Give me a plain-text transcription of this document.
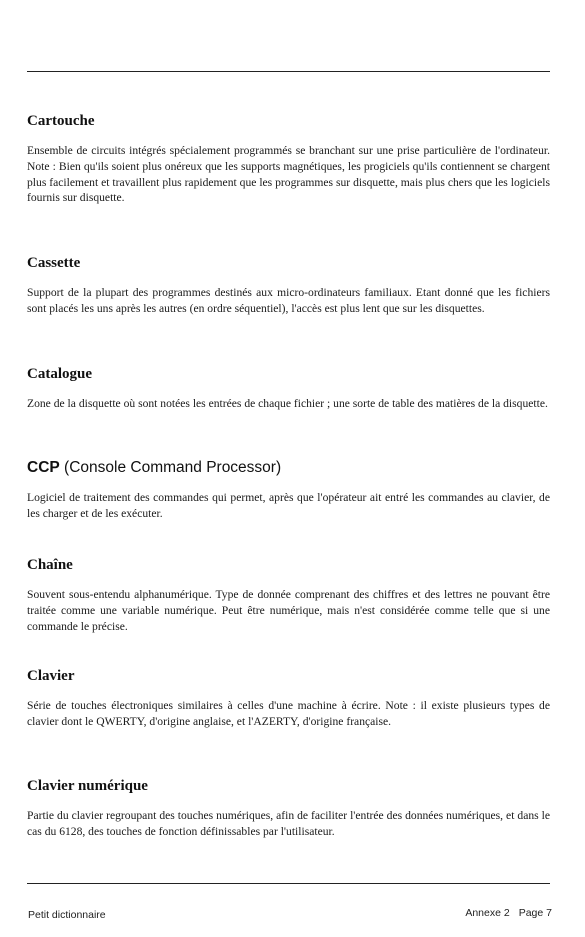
Cartouche

Ensemble de circuits intégrés spécialement programmés se branchant sur une prise particulière de l'ordinateur. Note : Bien qu'ils soient plus onéreux que les supports magnétiques, les progiciels qu'ils contiennent se chargent plus facilement et travaillent plus rapidement que les programmes sur disquette, mais plus chers que les logiciels fournis sur disquette.

Cassette

Support de la plupart des programmes destinés aux micro-ordinateurs familiaux. Etant donné que les fichiers sont placés les uns après les autres (en ordre séquentiel), l'accès est plus lent que sur les disquettes.

Catalogue

Zone de la disquette où sont notées les entrées de chaque fichier ; une sorte de table des matières de la disquette.

CCP (Console Command Processor)

Logiciel de traitement des commandes qui permet, après que l'opérateur ait entré les commandes au clavier, de les charger et de les exécuter.

Chaîne

Souvent sous-entendu alphanumérique. Type de donnée comprenant des chiffres et des lettres ne pouvant être traitée comme une variable numérique. Peut être numérique, mais n'est considérée comme telle que si une commande le précise.

Clavier

Série de touches électroniques similaires à celles d'une machine à écrire. Note : il existe plusieurs types de clavier dont le QWERTY, d'origine anglaise, et l'AZERTY, d'origine française.

Clavier numérique

Partie du clavier regroupant des touches numériques, afin de faciliter l'entrée des données numériques, et dans le cas du 6128, des touches de fonction définissables par l'utilisateur.

Petit dictionnaire	Annexe 2 Page 7
